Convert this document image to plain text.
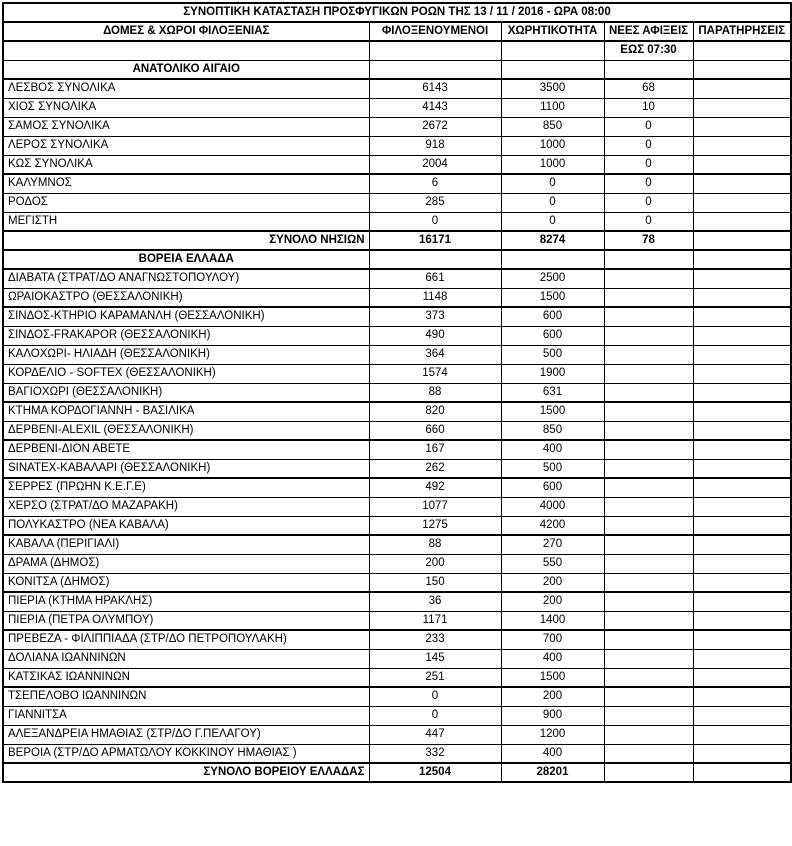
ΣΥΝΟΠΤΙΚΗ ΚΑΤΑΣΤΑΣΗ ΠΡΟΣΦΥΓΙΚΩΝ ΡΟΩΝ ΤΗΣ 13 / 11 / 2016 - ΩΡΑ 08:00				
ΔΟΜΕΣ & ΧΩΡΟΙ ΦΙΛΟΞΕΝΙΑΣ	ΦΙΛΟΞΕΝΟΥΜΕΝΟΙ	ΧΩΡΗΤΙΚΟΤΗΤΑ	ΝΕΕΣ ΑΦΙΞΕΙΣ	ΠΑΡΑΤΗΡΗΣΕΙΣ
			ΕΩΣ 07:30	
ΑΝΑΤΟΛΙΚΟ ΑΙΓΑΙΟ				
ΛΕΣΒΟΣ ΣΥΝΟΛΙΚΑ	6143	3500	68	
ΧΙΟΣ ΣΥΝΟΛΙΚΑ	4143	1100	10	
ΣΑΜΟΣ ΣΥΝΟΛΙΚΑ	2672	850	0	
ΛΕΡΟΣ ΣΥΝΟΛΙΚΑ	918	1000	0	
ΚΩΣ ΣΥΝΟΛΙΚΑ	2004	1000	0	
ΚΑΛΥΜΝΟΣ	6	0	0	
ΡΟΔΟΣ	285	0	0	
ΜΕΓΙΣΤΗ	0	0	0	
ΣΥΝΟΛΟ ΝΗΣΙΩΝ	16171	8274	78	
ΒΟΡΕΙΑ ΕΛΛΑΔΑ				
ΔΙΑΒΑΤΑ (ΣΤΡΑΤ/ΔΟ ΑΝΑΓΝΩΣΤΟΠΟΥΛΟΥ)	661	2500		
ΩΡΑΙΟΚΑΣΤΡΟ (ΘΕΣΣΑΛΟΝΙΚΗ)	1148	1500		
ΣΙΝΔΟΣ-ΚΤΗΡΙΟ ΚΑΡΑΜΑΝΛΗ (ΘΕΣΣΑΛΟΝΙΚΗ)	373	600		
ΣΙΝΔΟΣ-FRAKAPOR (ΘΕΣΣΑΛΟΝΙΚΗ)	490	600		
ΚΑΛΟΧΩΡΙ- ΗΛΙΑΔΗ (ΘΕΣΣΑΛΟΝΙΚΗ)	364	500		
ΚΟΡΔΕΛΙΟ - SOFTEX (ΘΕΣΣΑΛΟΝΙΚΗ)	1574	1900		
ΒΑΓΙΟΧΩΡΙ (ΘΕΣΣΑΛΟΝΙΚΗ)	88	631		
ΚΤΗΜΑ ΚΟΡΔΟΓΙΑΝΝΗ - ΒΑΣΙΛΙΚΑ	820	1500		
ΔΕΡΒΕΝΙ-ALEXIL (ΘΕΣΣΑΛΟΝΙΚΗ)	660	850		
ΔΕΡΒΕΝΙ-ΔΙΟΝ ΑΒΕΤΕ	167	400		
SINATEX-ΚΑΒΑΛΑΡΙ (ΘΕΣΣΑΛΟΝΙΚΗ)	262	500		
ΣΕΡΡΕΣ (ΠΡΩΗΝ Κ.Ε.Γ.Ε)	492	600		
ΧΕΡΣΟ (ΣΤΡΑΤ/ΔΟ ΜΑΖΑΡΑΚΗ)	1077	4000		
ΠΟΛΥΚΑΣΤΡΟ (ΝΕΑ ΚΑΒΑΛΑ)	1275	4200		
ΚΑΒΑΛΑ (ΠΕΡΙΓΙΑΛΙ)	88	270		
ΔΡΑΜΑ (ΔΗΜΟΣ)	200	550		
ΚΟΝΙΤΣΑ (ΔΗΜΟΣ)	150	200		
ΠΙΕΡΙΑ (ΚΤΗΜΑ ΗΡΑΚΛΗΣ)	36	200		
ΠΙΕΡΙΑ (ΠΕΤΡΑ ΟΛΥΜΠΟΥ)	1171	1400		
ΠΡΕΒΕΖΑ - ΦΙΛΙΠΠΙΑΔΑ (ΣΤΡ/ΔΟ ΠΕΤΡΟΠΟΥΛΑΚΗ)	233	700		
ΔΟΛΙΑΝΑ ΙΩΑΝΝΙΝΩΝ	145	400		
ΚΑΤΣΙΚΑΣ ΙΩΑΝΝΙΝΩΝ	251	1500		
ΤΣΕΠΕΛΟΒΟ ΙΩΑΝΝΙΝΩΝ	0	200		
ΓΙΑΝΝΙΤΣΑ	0	900		
ΑΛΕΞΑΝΔΡΕΙΑ ΗΜΑΘΙΑΣ (ΣΤΡ/ΔΟ Γ.ΠΕΛΑΓΟΥ)	447	1200		
ΒΕΡΟΙΑ (ΣΤΡ/ΔΟ ΑΡΜΑΤΩΛΟΥ ΚΟΚΚΙΝΟΥ ΗΜΑΘΙΑΣ )	332	400		
ΣΥΝΟΛΟ ΒΟΡΕΙΟΥ ΕΛΛΑΔΑΣ	12504	28201		
